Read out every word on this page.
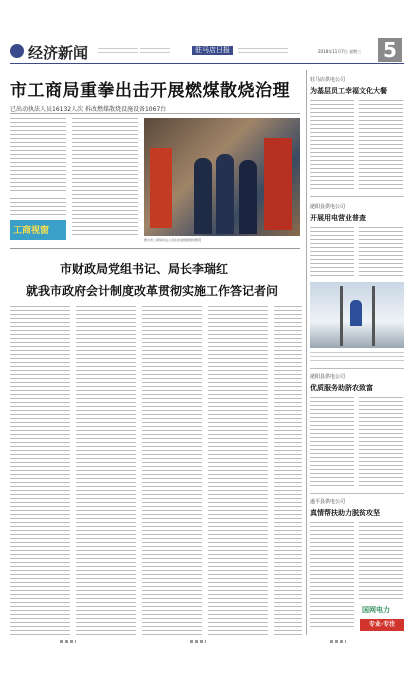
经济新闻	驻马店日报	2018年11月7日 星期三 5
市工商局重拳出击开展燃煤散烧治理
已出动执法人员16132人次 拆改燃煤散烧设施设备1067台
工商视窗
图为市工商局执法人员在检查燃煤散烧情况
市财政局党组书记、局长李瑞红
就我市政府会计制度改革贯彻实施工作答记者问
驻马店供电公司
为基层员工幸福文化大餐
泌阳县供电公司
开展用电营业普查
泌阳县供电公司
优质服务助脐农致富
遂平县供电公司
真情帮扶助力脱贫攻坚
国网电力
专业·专注
